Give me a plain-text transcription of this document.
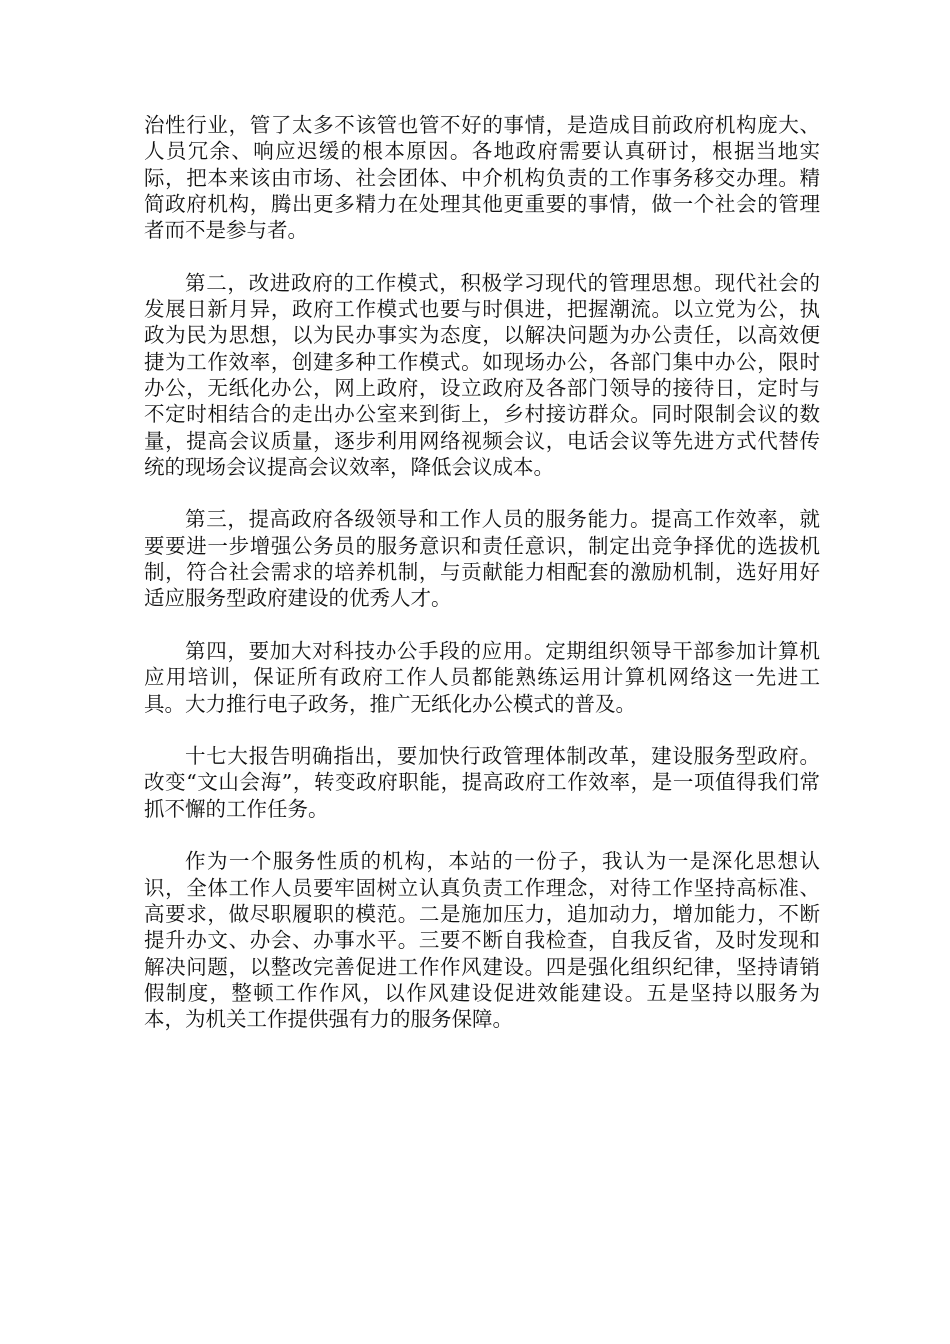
治性行业，管了太多不该管也管不好的事情，是造成目前政府机构庞大、人员冗余、响应迟缓的根本原因。各地政府需要认真研讨，根据当地实际，把本来该由市场、社会团体、中介机构负责的工作事务移交办理。精简政府机构，腾出更多精力在处理其他更重要的事情，做一个社会的管理者而不是参与者。

第二，改进政府的工作模式，积极学习现代的管理思想。现代社会的发展日新月异，政府工作模式也要与时俱进，把握潮流。以立党为公，执政为民为思想，以为民办事实为态度，以解决问题为办公责任，以高效便捷为工作效率，创建多种工作模式。如现场办公，各部门集中办公，限时办公，无纸化办公，网上政府，设立政府及各部门领导的接待日，定时与不定时相结合的走出办公室来到街上，乡村接访群众。同时限制会议的数量，提高会议质量，逐步利用网络视频会议，电话会议等先进方式代替传统的现场会议提高会议效率，降低会议成本。

第三，提高政府各级领导和工作人员的服务能力。提高工作效率，就要要进一步增强公务员的服务意识和责任意识，制定出竞争择优的选拔机制，符合社会需求的培养机制，与贡献能力相配套的激励机制，选好用好适应服务型政府建设的优秀人才。

第四，要加大对科技办公手段的应用。定期组织领导干部参加计算机应用培训，保证所有政府工作人员都能熟练运用计算机网络这一先进工具。大力推行电子政务，推广无纸化办公模式的普及。

十七大报告明确指出，要加快行政管理体制改革，建设服务型政府。改变“文山会海”，转变政府职能，提高政府工作效率，是一项值得我们常抓不懈的工作任务。

作为一个服务性质的机构，本站的一份子，我认为一是深化思想认识，全体工作人员要牢固树立认真负责工作理念，对待工作坚持高标准、高要求，做尽职履职的模范。二是施加压力，追加动力，增加能力，不断提升办文、办会、办事水平。三要不断自我检查，自我反省，及时发现和解决问题，以整改完善促进工作作风建设。四是强化组织纪律，坚持请销假制度，整顿工作作风，以作风建设促进效能建设。五是坚持以服务为本，为机关工作提供强有力的服务保障。
